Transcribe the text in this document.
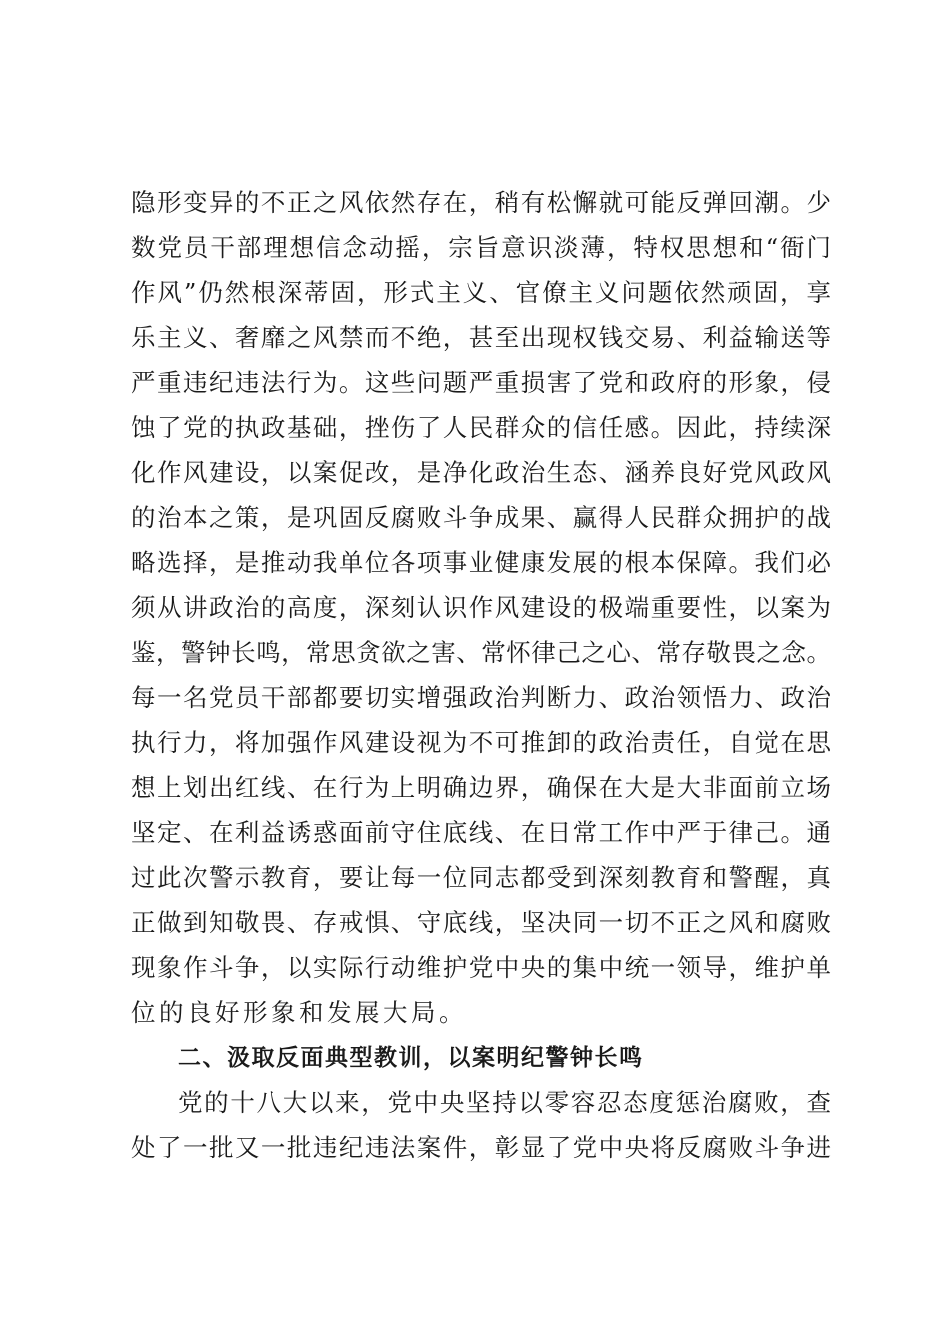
隐形变异的不正之风依然存在，稍有松懈就可能反弹回潮。少
数党员干部理想信念动摇，宗旨意识淡薄，特权思想和“衙门
作风”仍然根深蒂固，形式主义、官僚主义问题依然顽固，享
乐主义、奢靡之风禁而不绝，甚至出现权钱交易、利益输送等
严重违纪违法行为。这些问题严重损害了党和政府的形象，侵
蚀了党的执政基础，挫伤了人民群众的信任感。因此，持续深
化作风建设，以案促改，是净化政治生态、涵养良好党风政风
的治本之策，是巩固反腐败斗争成果、赢得人民群众拥护的战
略选择，是推动我单位各项事业健康发展的根本保障。我们必
须从讲政治的高度，深刻认识作风建设的极端重要性，以案为
鉴，警钟长鸣，常思贪欲之害、常怀律己之心、常存敬畏之念。
每一名党员干部都要切实增强政治判断力、政治领悟力、政治
执行力，将加强作风建设视为不可推卸的政治责任，自觉在思
想上划出红线、在行为上明确边界，确保在大是大非面前立场
坚定、在利益诱惑面前守住底线、在日常工作中严于律己。通
过此次警示教育，要让每一位同志都受到深刻教育和警醒，真
正做到知敬畏、存戒惧、守底线，坚决同一切不正之风和腐败
现象作斗争，以实际行动维护党中央的集中统一领导，维护单
位的良好形象和发展大局。
二、汲取反面典型教训，以案明纪警钟长鸣
党的十八大以来，党中央坚持以零容忍态度惩治腐败，查
处了一批又一批违纪违法案件，彰显了党中央将反腐败斗争进
